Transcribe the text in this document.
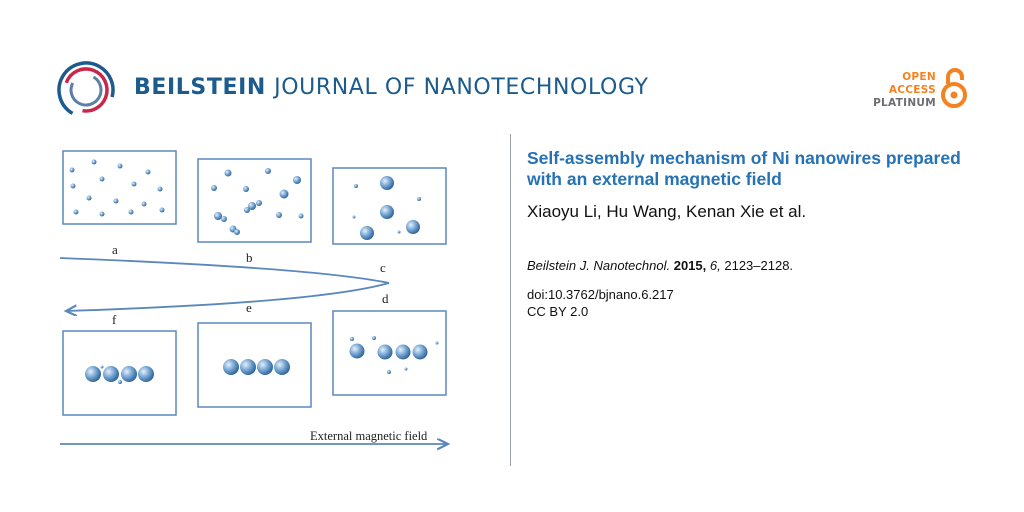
BEILSTEIN JOURNAL OF NANOTECHNOLOGY	OPEN
ACCESS
PLATINUM
a
b
c
d
e
f
External magnetic field
Self-assembly mechanism of Ni nanowires prepared with an external magnetic field

Xiaoyu Li, Hu Wang, Kenan Xie et al.

Beilstein J. Nanotechnol. 2015, 6, 2123–2128.

doi:10.3762/bjnano.6.217
CC BY 2.0
